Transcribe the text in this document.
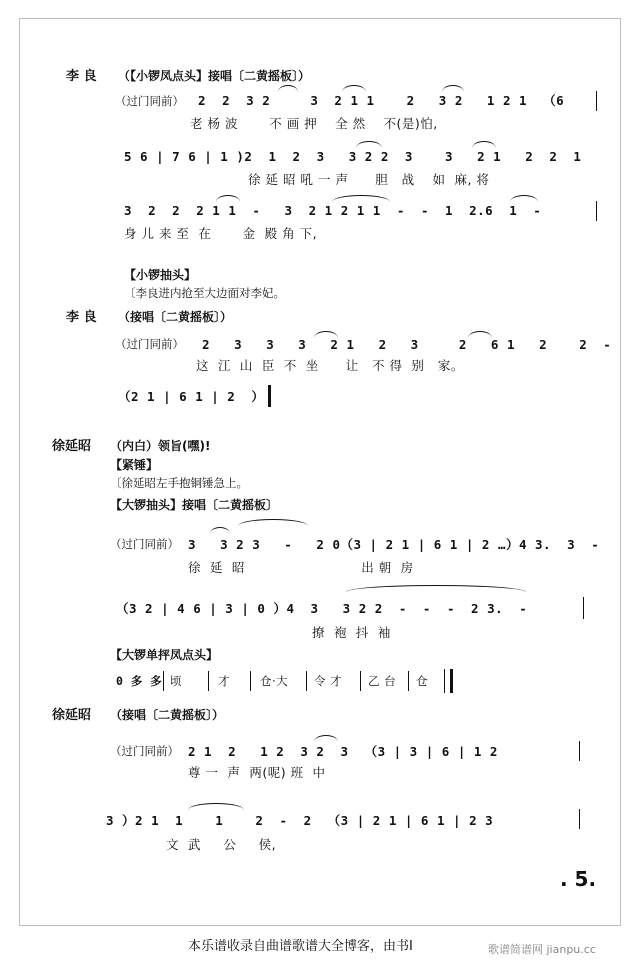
李 良 （【小锣凤点头】接唱〔二黄摇板〕）
（过门同前） 2  2  3 2     3  2 1 1    2   3 2   1 2 1  （6
老 杨 波       不 画 押    全 然    不(是)怕,
5 6 | 7 6 | 1 )2  1  2  3   3 2 2  3    3   2 1   2  2  1
徐 延 昭 吼 一 声      胆   战    如  麻, 将
3  2  2  2 1 1  -   3  2 1 2 1 1  -  -  1  2.6  1  -
身 儿 来 至  在       金  殿 角 下,
【小锣抽头】
〔李良进内抢至大边面对李妃。
李 良 （接唱〔二黄摇板〕）
（过门同前） 2   3   3   3   2 1   2   3     2   6 1   2    2  -
这  江  山  臣  不  坐      让   不 得  别   家。
（2 1 | 6 1 | 2  ）
徐延昭 （内白）领旨(嘿)!
【紧锤】
〔徐延昭左手抱铜锤急上。
【大锣抽头】接唱〔二黄摇板〕
（过门同前） 3   3 2 3   -   2 0（3 | 2 1 | 6 1 | 2 …）4 3.  3  -
徐  延  昭                          出 朝  房
（3 2 | 4 6 | 3 | 0 ）4  3   3 2 2  -  -  -  2 3.  -
撩  袍  抖  袖
【大锣单抨凤点头】
0 多 多 顷	才	仓·大 令 才 乙 台 仓
徐延昭 （接唱〔二黄摇板〕）
（过门同前） 2 1  2   1 2  3 2  3  （3 | 3 | 6 | 1 2
尊 一  声  两(呢) 班  中
3 ）2 1  1    1    2  -  2  （3 | 2 1 | 6 1 | 2 3
文  武     公     侯,
. 5.
本乐谱收录自曲谱歌谱大全博客，由书Ⅰ	歌谱简谱网 jianpu.cc
